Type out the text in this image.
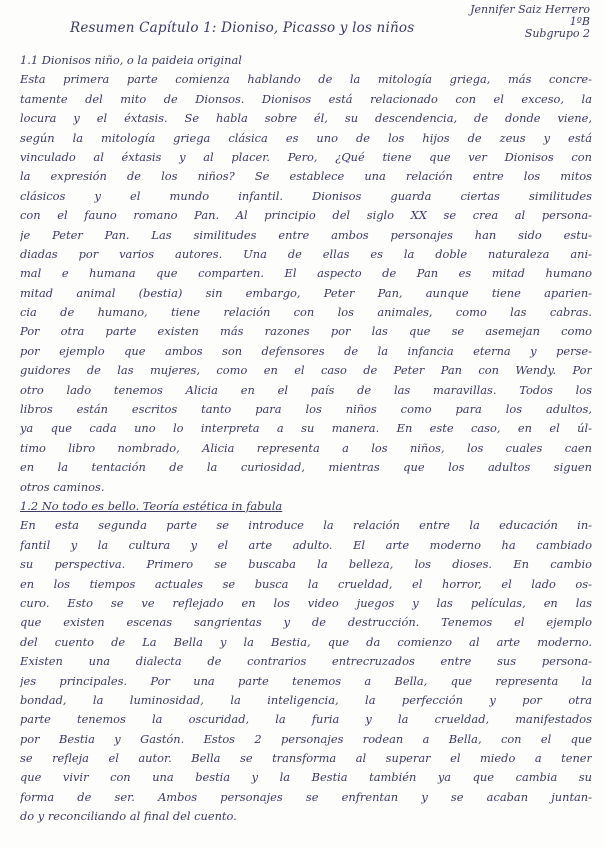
Jennifer Saiz Herrero
1ºB
Subgrupo 2
Resumen Capítulo 1: Dioniso, Picasso y los niños
1.1 Dionisos niño, o la paideia original
Esta primera parte comienza hablando de la mitología griega, más concre-
tamente del mito de Dionsos. Dionisos está relacionado con el exceso, la
locura y el éxtasis. Se habla sobre él, su descendencia, de donde viene,
según la mitología griega clásica es uno de los hijos de zeus y está
vinculado al éxtasis y al placer. Pero, ¿Qué tiene que ver Dionisos con
la expresión de los niños? Se establece una relación entre los mitos
clásicos y el mundo infantil. Dionisos guarda ciertas similitudes
con el fauno romano Pan. Al principio del siglo XX se crea al persona-
je Peter Pan. Las similitudes entre ambos personajes han sido estu-
diadas por varios autores. Una de ellas es la doble naturaleza ani-
mal e humana que comparten. El aspecto de Pan es mitad humano
mitad animal (bestia) sin embargo, Peter Pan, aunque tiene aparien-
cia de humano, tiene relación con los animales, como las cabras.
Por otra parte existen más razones por las que se asemejan como
por ejemplo que ambos son defensores de la infancia eterna y perse-
guidores de las mujeres, como en el caso de Peter Pan con Wendy. Por
otro lado tenemos Alicia en el país de las maravillas. Todos los
libros están escritos tanto para los niños como para los adultos,
ya que cada uno lo interpreta a su manera. En este caso, en el úl-
timo libro nombrado, Alicia representa a los niños, los cuales caen
en la tentación de la curiosidad, mientras que los adultos siguen
otros caminos.
1.2 No todo es bello. Teoría estética in fabula
En esta segunda parte se introduce la relación entre la educación in-
fantil y la cultura y el arte adulto. El arte moderno ha cambiado
su perspectiva. Primero se buscaba la belleza, los dioses. En cambio
en los tiempos actuales se busca la crueldad, el horror, el lado os-
curo. Esto se ve reflejado en los video juegos y las películas, en las
que existen escenas sangrientas y de destrucción. Tenemos el ejemplo
del cuento de La Bella y la Bestia, que da comienzo al arte moderno.
Existen una dialecta de contrarios entrecruzados entre sus persona-
jes principales. Por una parte tenemos a Bella, que representa la
bondad, la luminosidad, la inteligencia, la perfección y por otra
parte tenemos la oscuridad, la furia y la crueldad, manifestados
por Bestia y Gastón. Estos 2 personajes rodean a Bella, con el que
se refleja el autor. Bella se transforma al superar el miedo a tener
que vivir con una bestia y la Bestia también ya que cambia su
forma de ser. Ambos personajes se enfrentan y se acaban juntan-
do y reconciliando al final del cuento.
